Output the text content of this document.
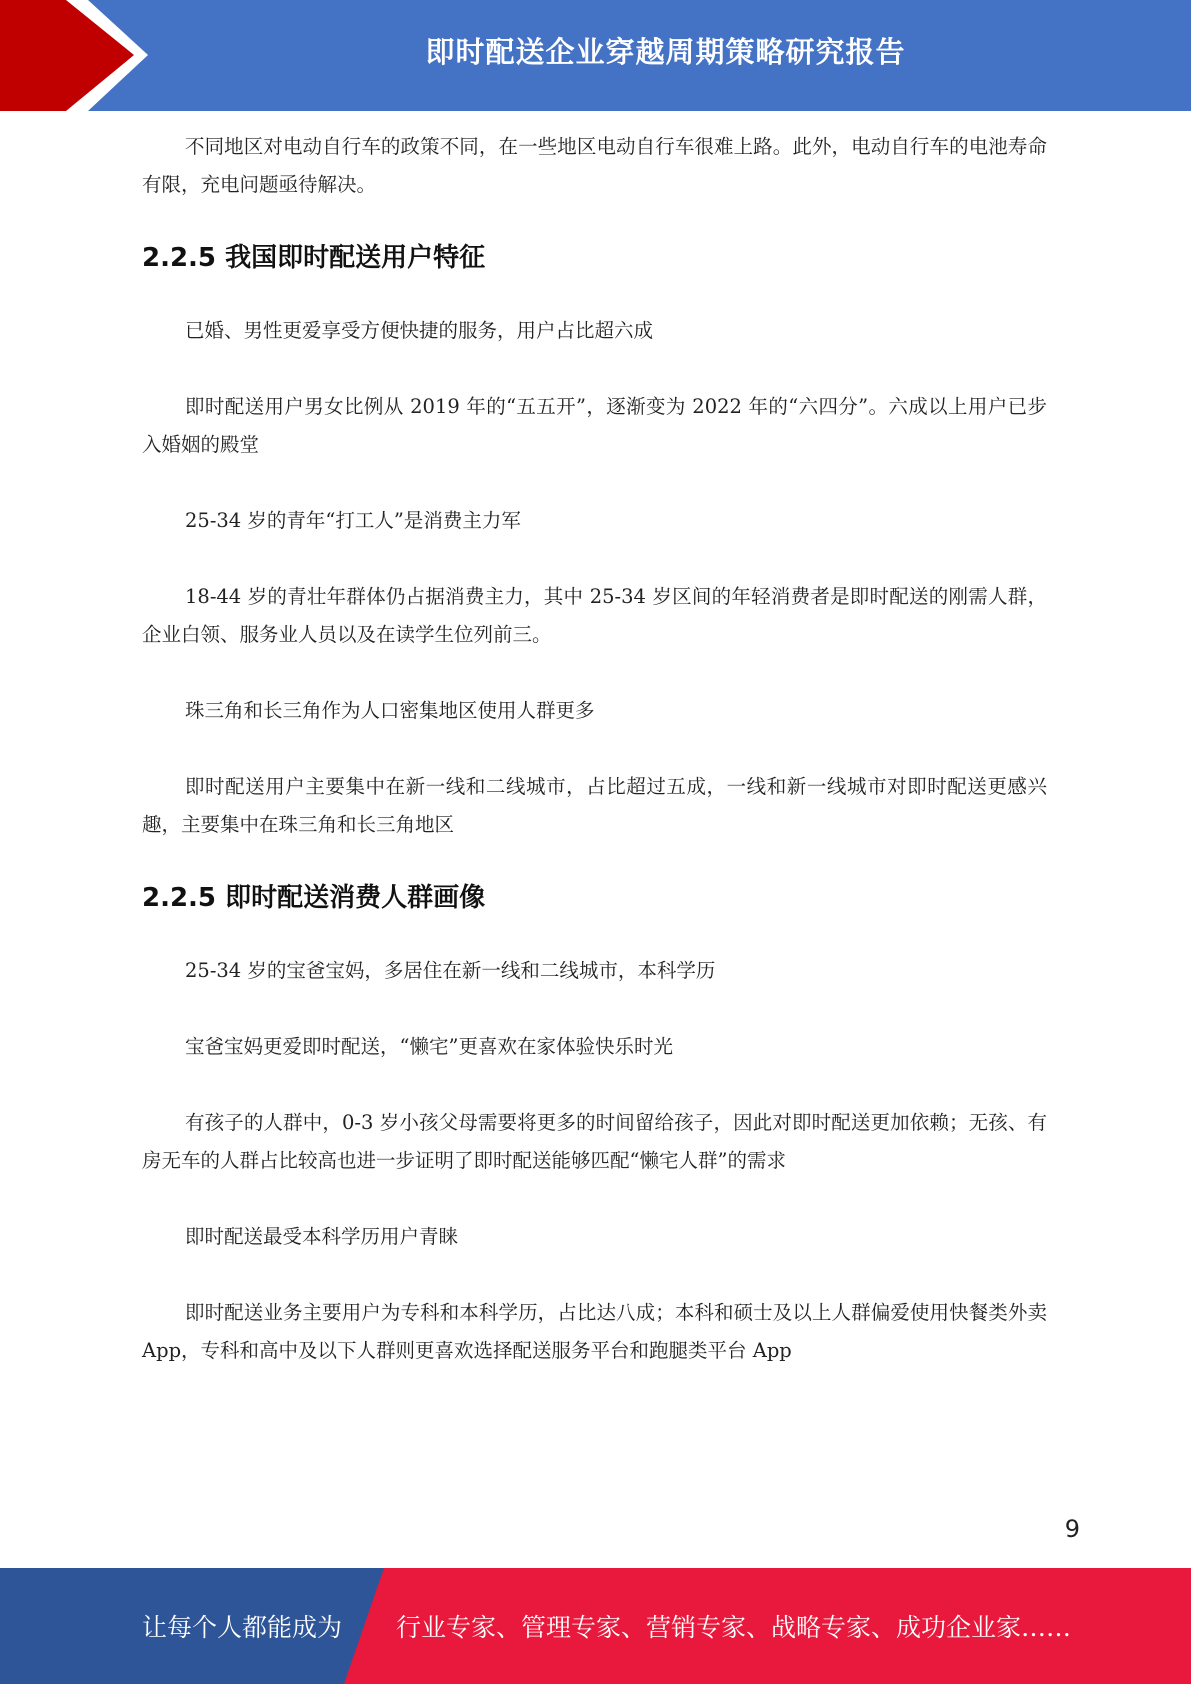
即时配送企业穿越周期策略研究报告

不同地区对电动自行车的政策不同，在一些地区电动自行车很难上路。此外，电动自行车的电池寿命有限，充电问题亟待解决。

2.2.5 我国即时配送用户特征

已婚、男性更爱享受方便快捷的服务，用户占比超六成

即时配送用户男女比例从 2019 年的“五五开”，逐渐变为 2022 年的“六四分”。六成以上用户已步入婚姻的殿堂

25-34 岁的青年“打工人”是消费主力军

18-44 岁的青壮年群体仍占据消费主力，其中 25-34 岁区间的年轻消费者是即时配送的刚需人群，企业白领、服务业人员以及在读学生位列前三。

珠三角和长三角作为人口密集地区使用人群更多

即时配送用户主要集中在新一线和二线城市，占比超过五成，一线和新一线城市对即时配送更感兴趣，主要集中在珠三角和长三角地区

2.2.5 即时配送消费人群画像

25-34 岁的宝爸宝妈，多居住在新一线和二线城市，本科学历

宝爸宝妈更爱即时配送，“懒宅”更喜欢在家体验快乐时光

有孩子的人群中，0-3 岁小孩父母需要将更多的时间留给孩子，因此对即时配送更加依赖；无孩、有房无车的人群占比较高也进一步证明了即时配送能够匹配“懒宅人群”的需求

即时配送最受本科学历用户青睐

即时配送业务主要用户为专科和本科学历，占比达八成；本科和硕士及以上人群偏爱使用快餐类外卖 App，专科和高中及以下人群则更喜欢选择配送服务平台和跑腿类平台 App

9
让每个人都能成为 行业专家、管理专家、营销专家、战略专家、成功企业家……
